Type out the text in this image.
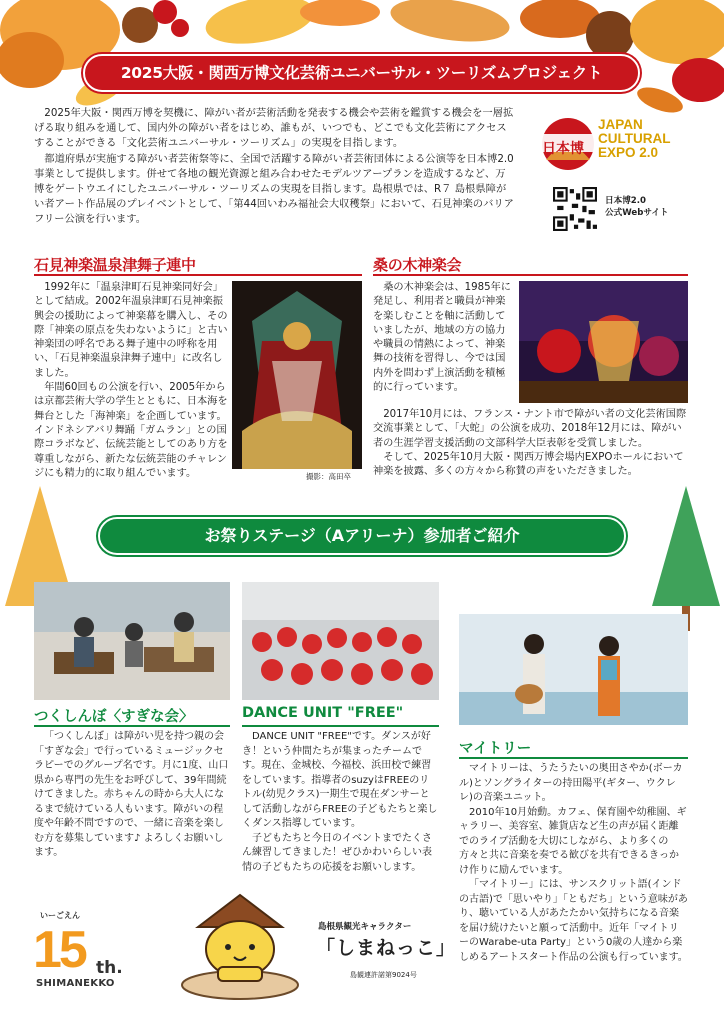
2025大阪・関西万博文化芸術ユニバーサル・ツーリズムプロジェクト

2025年大阪・関西万博を契機に、障がい者が芸術活動を発表する機会や芸術を鑑賞する機会を一層拡げる取り組みを通して、国内外の障がい者をはじめ、誰もが、いつでも、どこでも文化芸術にアクセスすることができる「文化芸術ユニバーサル・ツーリズム」の実現を目指します。

都道府県が実施する障がい者芸術祭等に、全国で活躍する障がい者芸術団体による公演等を日本博2.0事業として提供します。併せて各地の観光資源と組み合わせたモデルツアープランを造成するなど、万博をゲートウエイにしたユニバーサル・ツーリズムの実現を目指します。島根県では、R７ 島根県障がい者アート作品展のプレイベントとして、「第44回いわみ福祉会大収穫祭」において、石見神楽のバリアフリー公演を行います。

日本博
JAPAN
CULTURAL
EXPO 2.0
日本博2.0
公式Webサイト
石見神楽温泉津舞子連中

1992年に「温泉津町石見神楽同好会」として結成。2002年温泉津町石見神楽振興会の援助によって神楽幕を購入し、その際「神楽の原点を失わないように」と古い神楽団の呼名である舞子連中の呼称を用い、「石見神楽温泉津舞子連中」に改名しました。

年間60回もの公演を行い、2005年からは京都芸術大学の学生とともに、日本海を舞台とした「海神楽」を企画しています。インドネシアバリ舞踊「ガムラン」との国際コラボなど、伝統芸能としてのあり方を尊重しながら、新たな伝統芸能のチャレンジにも精力的に取り組んでいます。	撮影：高田卒
桑の木神楽会

桑の木神楽会は、1985年に発足し、利用者と職員が神楽を楽しむことを軸に活動していましたが、地域の方の協力や職員の情熱によって、神楽舞の技術を習得し、今では国内外を問わず上演活動を積極的に行っています。

2017年10月には、フランス・ナント市で障がい者の文化芸術国際交流事業として、「大蛇」の公演を成功、2018年12月には、障がい者の生涯学習支援活動の文部科学大臣表彰を受賞しました。

そして、2025年10月大阪・関西万博会場内EXPOホールにおいて神楽を披露、多くの方々から称賛の声をいただきました。

お祭りステージ（Aアリーナ）参加者ご紹介
つくしんぼ〈すぎな会〉

「つくしんぼ」は障がい児を持つ親の会「すぎな会」で行っているミュージックセラピーでのグループ名です。月に1度、山口県から専門の先生をお呼びして、39年間続けてきました。赤ちゃんの時から大人になるまで続けている人もいます。障がいの程度や年齢不問ですので、一緒に音楽を楽しむ方を募集しています♪ よろしくお願いします。

DANCE UNIT "FREE"

DANCE UNIT "FREE"です。ダンスが好き！という仲間たちが集まったチームです。現在、金城校、今福校、浜田校で練習をしています。指導者のsuzyはFREEのリトル(幼児クラス)一期生で現在ダンサーとして活動しながらFREEの子どもたちと楽しくダンス指導しています。

子どもたちと今日のイベントまでたくさん練習してきました！ぜひかわいらしい表情の子どもたちの応援をお願いします。

マイトリー

マイトリーは、うたうたいの奥田さやか(ボーカル)とソングライターの持田陽平(ギター、ウクレレ)の音楽ユニット。

2010年10月始動。カフェ、保育園や幼稚園、ギャラリー、美容室、雑貨店など生の声が届く距離でのライブ活動を大切にしながら、より多くの方々と共に音楽を奏でる歓びを共有できるきっかけ作りに励んでいます。

「マイトリー」には、サンスクリット語(インドの古語)で「思いやり」「ともだち」という意味があり、聴いている人があたたかい気持ちになる音楽を届け続けたいと願って活動中。近年「マイトリーのWarabe-uta Party」という0歳の人達から楽しめるアートスタート作品の公演も行っています。

いーごえん
15 th.
SHIMANEKKO
島根県観光キャラクター
「しまねっこ」
島観連許諾第9024号
